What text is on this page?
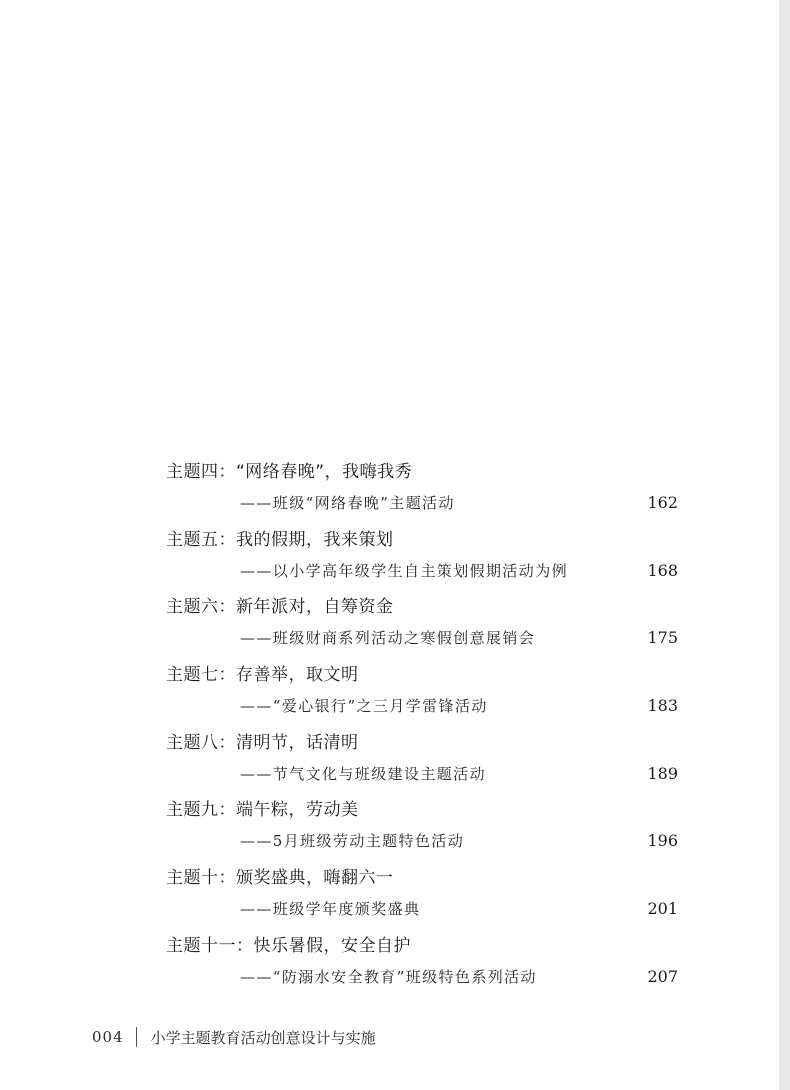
主题四：“网络春晚”，我嗨我秀
——班级“网络春晚”主题活动	162
主题五：我的假期，我来策划
——以小学高年级学生自主策划假期活动为例	168
主题六：新年派对，自筹资金
——班级财商系列活动之寒假创意展销会	175
主题七：存善举，取文明
——“爱心银行”之三月学雷锋活动	183
主题八：清明节，话清明
——节气文化与班级建设主题活动	189
主题九：端午粽，劳动美
——5月班级劳动主题特色活动	196
主题十：颁奖盛典，嗨翻六一
——班级学年度颁奖盛典	201
主题十一：快乐暑假，安全自护
——“防溺水安全教育”班级特色系列活动	207
004 小学主题教育活动创意设计与实施
